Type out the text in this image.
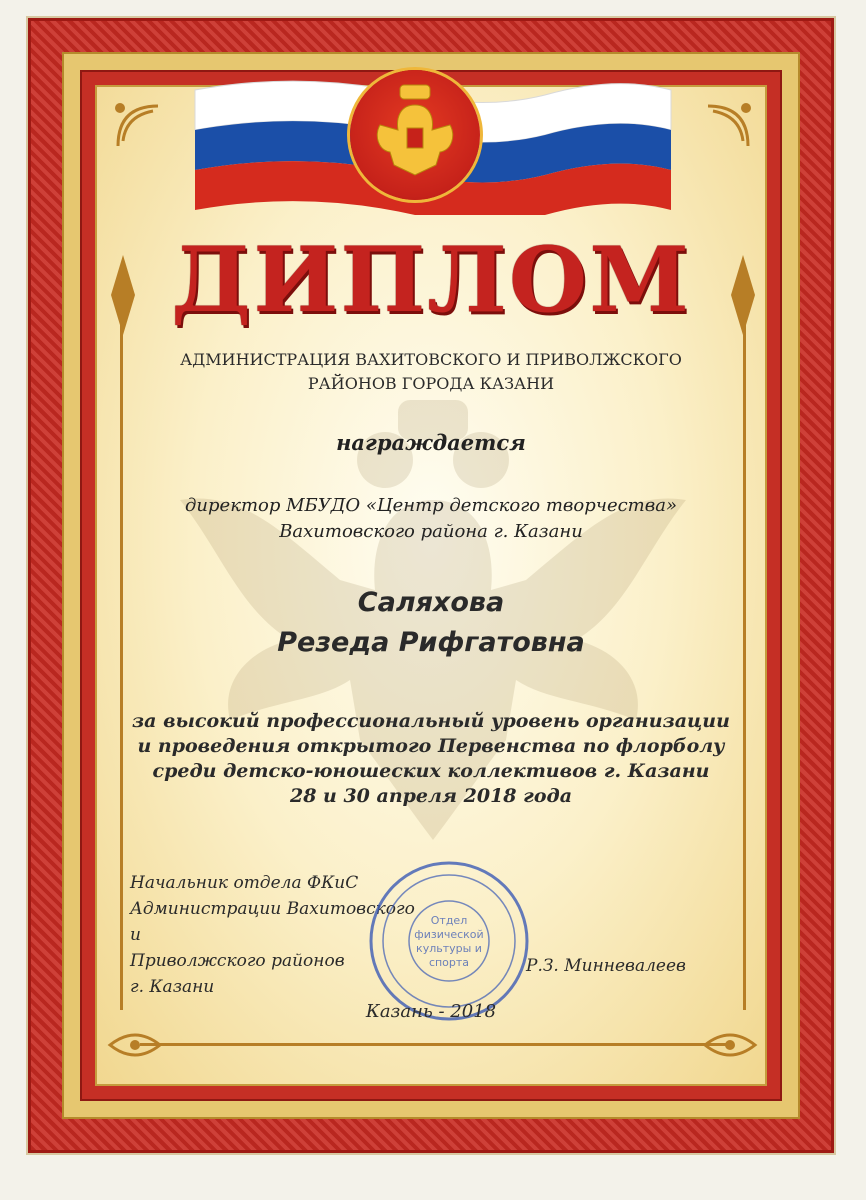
ДИПЛОМ
АДМИНИСТРАЦИЯ ВАХИТОВСКОГО И ПРИВОЛЖСКОГО
РАЙОНОВ ГОРОДА КАЗАНИ
награждается
директор МБУДО «Центр детского творчества»
Вахитовского района г. Казани
Саляхова
Резеда Рифгатовна
за высокий профессиональный уровень организации
и проведения открытого Первенства по флорболу
среди детско-юношеских коллективов г. Казани
28 и 30 апреля 2018 года
Начальник отдела ФКиС
Администрации Вахитовского и
Приволжского районов
г. Казани
Отдел
физической
культуры и
спорта	Р.З. Минневалеев
Казань - 2018
